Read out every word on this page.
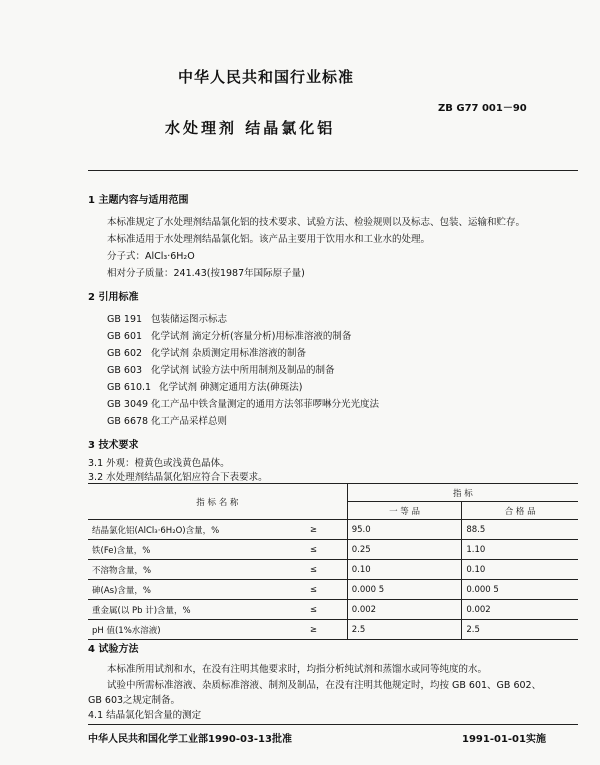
中华人民共和国行业标准
ZB G77 001－90
水处理剂 结晶氯化铝
1 主题内容与适用范围
本标准规定了水处理剂结晶氯化铝的技术要求、试验方法、检验规则以及标志、包装、运输和贮存。
本标准适用于水处理剂结晶氯化铝。该产品主要用于饮用水和工业水的处理。
分子式：AlCl₃·6H₂O
相对分子质量：241.43(按1987年国际原子量)
2 引用标准
GB 191 包装储运图示标志
GB 601 化学试剂 滴定分析(容量分析)用标准溶液的制备
GB 602 化学试剂 杂质测定用标准溶液的制备
GB 603 化学试剂 试验方法中所用制剂及制品的制备
GB 610.1 化学试剂 砷测定通用方法(砷斑法)
GB 3049 化工产品中铁含量测定的通用方法邻菲啰啉分光光度法
GB 6678 化工产品采样总则
3 技术要求
3.1 外观：橙黄色或浅黄色晶体。
3.2 水处理剂结晶氯化铝应符合下表要求。
指 标 名 称		指 标	
		一 等 品	合 格 品
结晶氯化铝(AlCl₃·6H₂O)含量，%	≥	95.0	88.5
铁(Fe)含量，%	≤	0.25	1.10
不溶物含量，%	≤	0.10	0.10
砷(As)含量，%	≤	0.000 5	0.000 5
重金属(以 Pb 计)含量，%	≤	0.002	0.002
pH 值(1%水溶液)	≥	2.5	2.5
4 试验方法
本标准所用试剂和水，在没有注明其他要求时，均指分析纯试剂和蒸馏水或同等纯度的水。
试验中所需标准溶液、杂质标准溶液、制剂及制品，在没有注明其他规定时，均按 GB 601、GB 602、
GB 603之规定制备。
4.1 结晶氯化铝含量的测定
中华人民共和国化学工业部1990-03-13批准	1991-01-01实施
